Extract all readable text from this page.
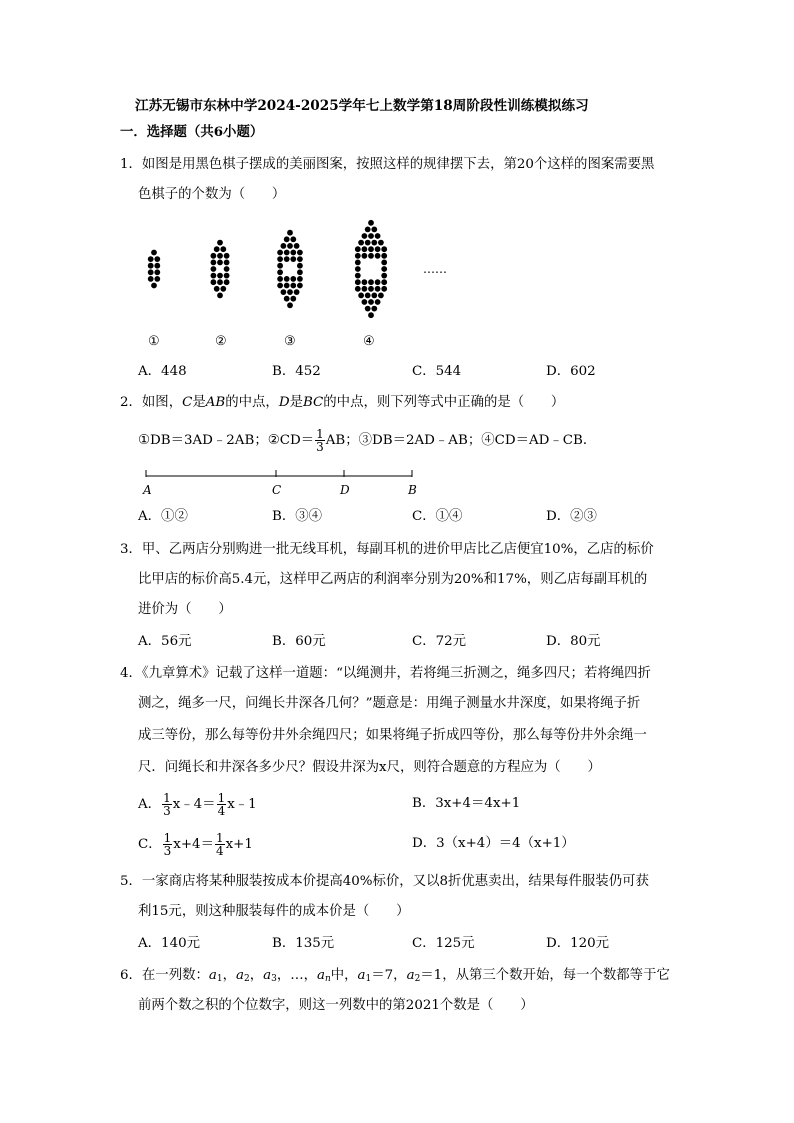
江苏无锡市东林中学2024-2025学年七上数学第18周阶段性训练模拟练习
一．选择题（共6小题）
1．如图是用黑色棋子摆成的美丽图案，按照这样的规律摆下去，第20个这样的图案需要黑
色棋子的个数为（　　）
……
①	②	③	④
A．448	B．452	C．544	D．602
2．如图，C是AB的中点，D是BC的中点，则下列等式中正确的是（　　）
①DB＝3AD﹣2AB；②CD＝ $\frac{1}{3}$ AB；③DB＝2AD﹣AB；④CD＝AD﹣CB．
A	C	D	B
A．①②	B．③④	C．①④	D．②③
3．甲、乙两店分别购进一批无线耳机，每副耳机的进价甲店比乙店便宜10%，乙店的标价
比甲店的标价高5.4元，这样甲乙两店的利润率分别为20%和17%，则乙店每副耳机的
进价为（　　）
A．56元	B．60元	C．72元	D．80元
4．《九章算术》记载了这样一道题：“以绳测井，若将绳三折测之，绳多四尺；若将绳四折
测之，绳多一尺，问绳长井深各几何？”题意是：用绳子测量水井深度，如果将绳子折
成三等份，那么每等份井外余绳四尺；如果将绳子折成四等份，那么每等份井外余绳一
尺．问绳长和井深各多少尺？假设井深为x尺，则符合题意的方程应为（　　）
A． $\frac{1}{3}$ x﹣4＝ $\frac{1}{4}$ x﹣1	B．3x+4＝4x+1
C． $\frac{1}{3} x+4= \frac{1}{4} x+1$	D．3（x+4）＝4（x+1）
5．一家商店将某种服装按成本价提高40%标价，又以8折优惠卖出，结果每件服装仍可获
利15元，则这种服装每件的成本价是（　　）
A．140元	B．135元	C．125元	D．120元
6．在一列数：a1，a2，a3，…，$a_n$中，a1＝7，a2＝1，从第三个数开始，每一个数都等于它
前两个数之积的个位数字，则这一列数中的第2021个数是（　　）
